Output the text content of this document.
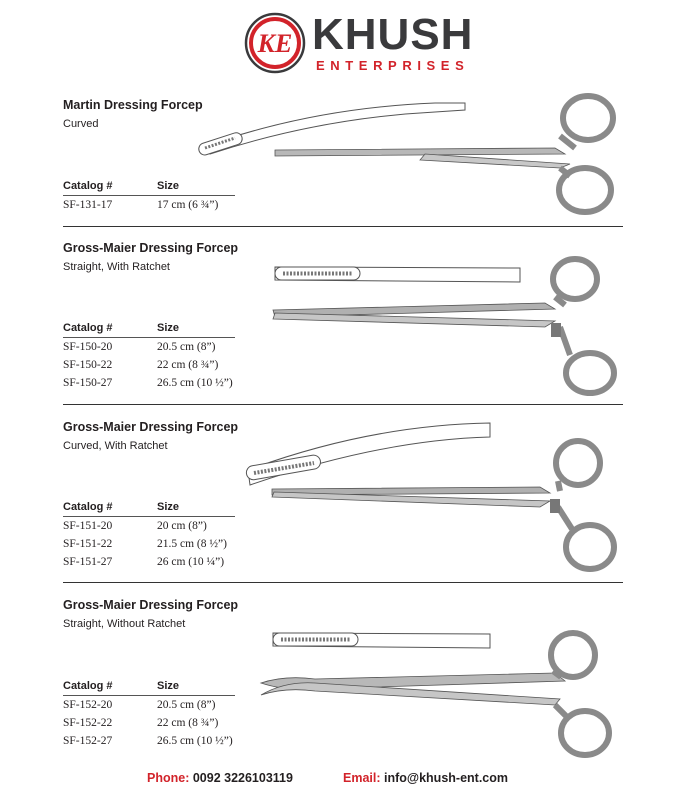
KE KHUSH
ENTERPRISES
Martin Dressing Forcep
Curved
Catalog #	Size
SF-131-17	17 cm (6 ¾”)
Gross-Maier Dressing Forcep
Straight, With Ratchet
Catalog #	Size
SF-150-20	20.5 cm (8”)
SF-150-22	22 cm (8 ¾”)
SF-150-27	26.5 cm (10 ½”)
Gross-Maier Dressing Forcep
Curved, With Ratchet
Catalog #	Size
SF-151-20	20 cm (8”)
SF-151-22	21.5 cm (8 ½”)
SF-151-27	26 cm (10 ¼”)
Gross-Maier Dressing Forcep
Straight, Without Ratchet
Catalog #	Size
SF-152-20	20.5 cm (8”)
SF-152-22	22 cm (8 ¾”)
SF-152-27	26.5 cm (10 ½”)
Phone: 0092 3226103119	Email: info@khush-ent.com
